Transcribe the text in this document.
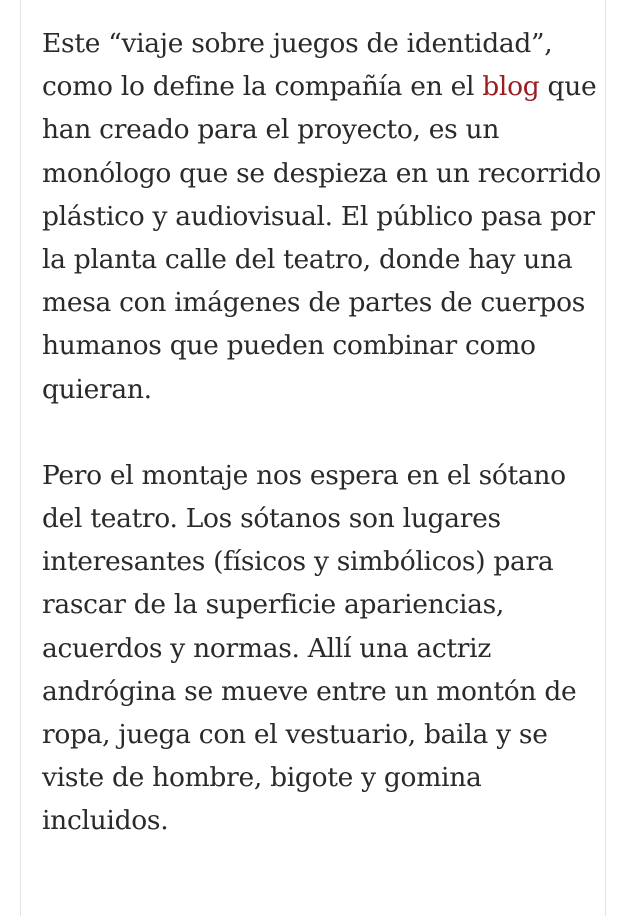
Este “viaje sobre juegos de identidad”, como lo define la compañía en el blog que han creado para el proyecto, es un monólogo que se despieza en un recorrido plástico y audiovisual. El público pasa por la planta calle del teatro, donde hay una mesa con imágenes de partes de cuerpos humanos que pueden combinar como quieran.

Pero el montaje nos espera en el sótano del teatro. Los sótanos son lugares interesantes (físicos y simbólicos) para rascar de la superficie apariencias, acuerdos y normas. Allí una actriz andrógina se mueve entre un montón de ropa, juega con el vestuario, baila y se viste de hombre, bigote y gomina incluidos.
